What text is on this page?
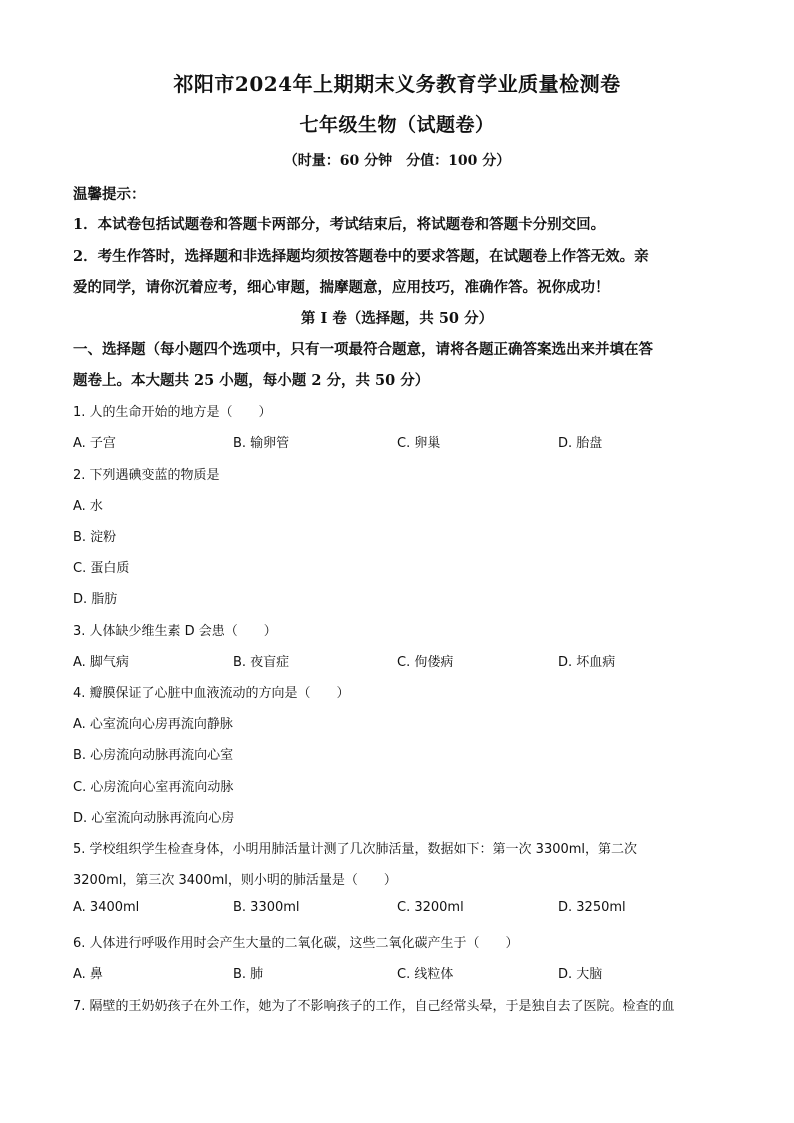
祁阳市2024年上期期末义务教育学业质量检测卷
七年级生物（试题卷）
（时量：60 分钟　分值：100 分）
温馨提示：
1．本试卷包括试题卷和答题卡两部分，考试结束后，将试题卷和答题卡分别交回。
2．考生作答时，选择题和非选择题均须按答题卷中的要求答题，在试题卷上作答无效。亲
爱的同学，请你沉着应考，细心审题，揣摩题意，应用技巧，准确作答。祝你成功！
第 I 卷（选择题，共 50 分）
一、选择题（每小题四个选项中，只有一项最符合题意，请将各题正确答案选出来并填在答
题卷上。本大题共 25 小题，每小题 2 分，共 50 分）
1. 人的生命开始的地方是（　　）
A. 子宫	B. 输卵管	C. 卵巢	D. 胎盘
2. 下列遇碘变蓝的物质是
A. 水
B. 淀粉
C. 蛋白质
D. 脂肪
3. 人体缺少维生素 D 会患（　　）
A. 脚气病	B. 夜盲症	C. 佝偻病	D. 坏血病
4. 瓣膜保证了心脏中血液流动的方向是（　　）
A. 心室流向心房再流向静脉
B. 心房流向动脉再流向心室
C. 心房流向心室再流向动脉
D. 心室流向动脉再流向心房
5. 学校组织学生检查身体，小明用肺活量计测了几次肺活量，数据如下：第一次 3300ml，第二次
3200ml，第三次 3400ml，则小明的肺活量是（　　）
A. 3400ml	B. 3300ml	C. 3200ml	D. 3250ml
6. 人体进行呼吸作用时会产生大量的二氧化碳，这些二氧化碳产生于（　　）
A. 鼻	B. 肺	C. 线粒体	D. 大脑
7. 隔壁的王奶奶孩子在外工作，她为了不影响孩子的工作，自己经常头晕，于是独自去了医院。检查的血
